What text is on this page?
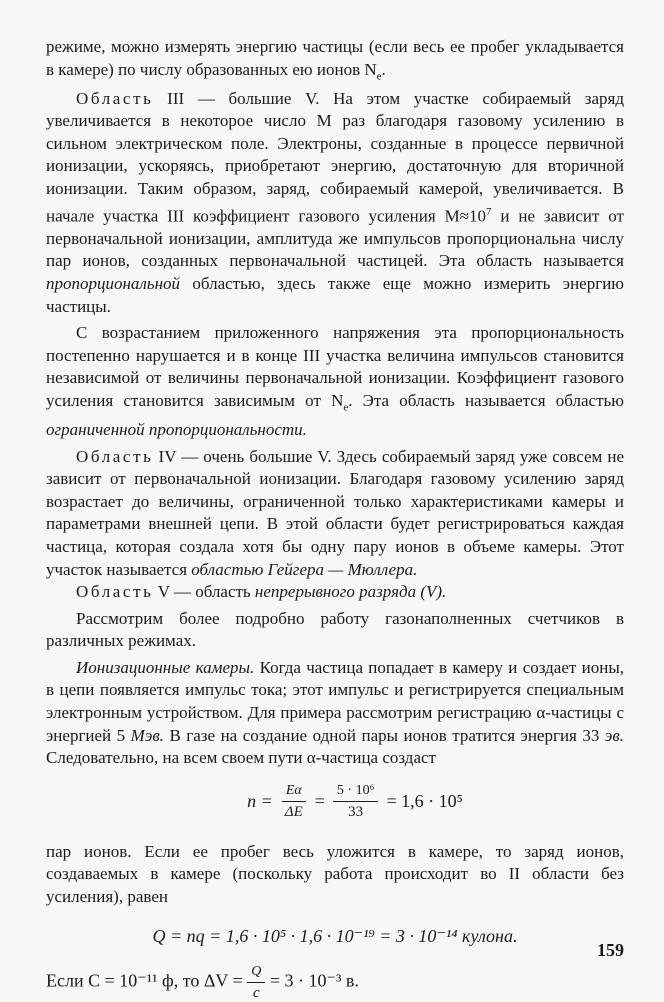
режиме, можно измерять энергию частицы (если весь ее пробег укладывается в камере) по числу образованных ею ионов $N_e$.

Область III — большие V. На этом участке собираемый заряд увеличивается в некоторое число M раз благодаря газовому усилению в сильном электрическом поле. Электроны, созданные в процессе первичной ионизации, ускоряясь, приобретают энергию, достаточную для вторичной ионизации. Таким образом, заряд, собираемый камерой, увеличивается. В начале участка III коэффициент газового усиления $M\approx 10^7$ и не зависит от первоначальной ионизации, амплитуда же импульсов пропорциональна числу пар ионов, созданных первоначальной частицей. Эта область называется пропорциональной областью, здесь также еще можно измерить энергию частицы.

С возрастанием приложенного напряжения эта пропорциональность постепенно нарушается и в конце III участка величина импульсов становится независимой от величины первоначальной ионизации. Коэффициент газового усиления становится зависимым от $N_e$. Эта область называется областью ограниченной пропорциональности.

Область IV — очень большие V. Здесь собираемый заряд уже совсем не зависит от первоначальной ионизации. Благодаря газовому усилению заряд возрастает до величины, ограниченной только характеристиками камеры и параметрами внешней цепи. В этой области будет регистрироваться каждая частица, которая создала хотя бы одну пару ионов в объеме камеры. Этот участок называется областью Гейгера — Мюллера.

Область V — область непрерывного разряда (V).

Рассмотрим более подробно работу газонаполненных счетчиков в различных режимах.

Ионизационные камеры. Когда частица попадает в камеру и создает ионы, в цепи появляется импульс тока; этот импульс и регистрируется специальным электронным устройством. Для примера рассмотрим регистрацию α-частицы с энергией 5 Мэв. В газе на создание одной пары ионов тратится энергия 33 эв. Следовательно, на всем своем пути α-частица создаст

$n = \frac{E\alpha}{\Delta E} = \frac{\text{5 · 10⁶}}{33} = 1,6 \cdot 10^5$

пар ионов. Если ее пробег весь уложится в камере, то заряд ионов, создаваемых в камере (поскольку работа происходит во II области без усиления), равен

Q = nq = 1,6 · 10⁵ · 1,6 · 10⁻¹⁹ = 3 · 10⁻¹⁴ кулона.
Если C = 10⁻¹¹ ф, то $\Delta V = \frac{Q}{c} = 3 \cdot 10^{-3}$ в.
159
